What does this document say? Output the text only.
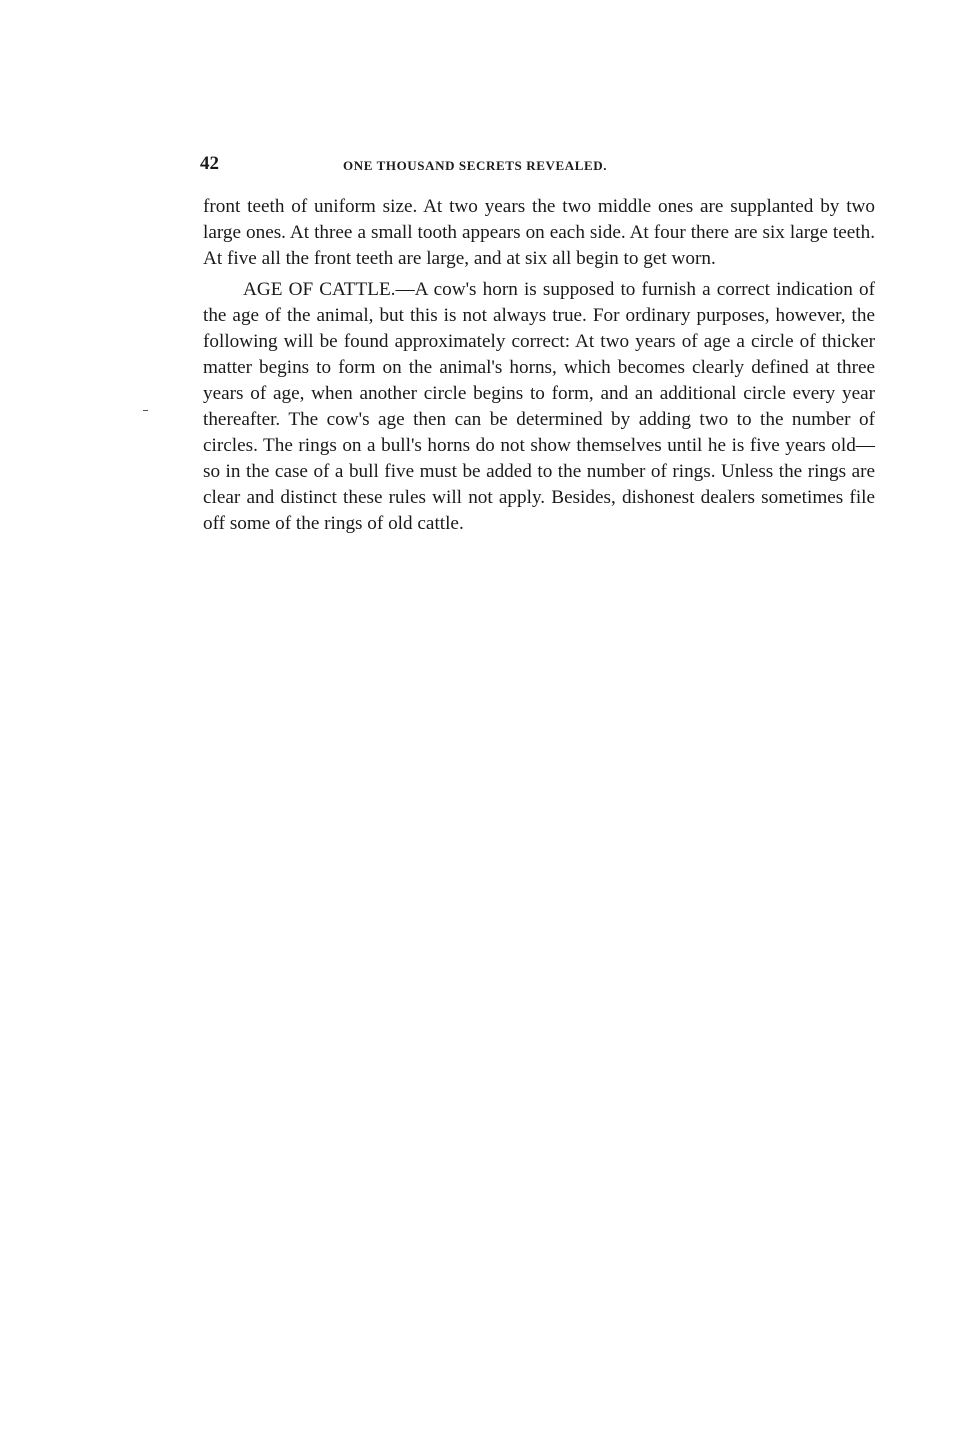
42	ONE THOUSAND SECRETS REVEALED.

front teeth of uniform size. At two years the two middle ones are supplanted by two large ones. At three a small tooth appears on each side. At four there are six large teeth. At five all the front teeth are large, and at six all begin to get worn.

AGE OF CATTLE.—A cow's horn is supposed to furnish a correct indication of the age of the animal, but this is not always true. For ordinary purposes, however, the following will be found approximately correct: At two years of age a circle of thicker matter begins to form on the animal's horns, which becomes clearly defined at three years of age, when another circle begins to form, and an additional circle every year thereafter. The cow's age then can be determined by adding two to the number of circles. The rings on a bull's horns do not show themselves until he is five years old—so in the case of a bull five must be added to the number of rings. Unless the rings are clear and distinct these rules will not apply. Besides, dishonest dealers sometimes file off some of the rings of old cattle.
